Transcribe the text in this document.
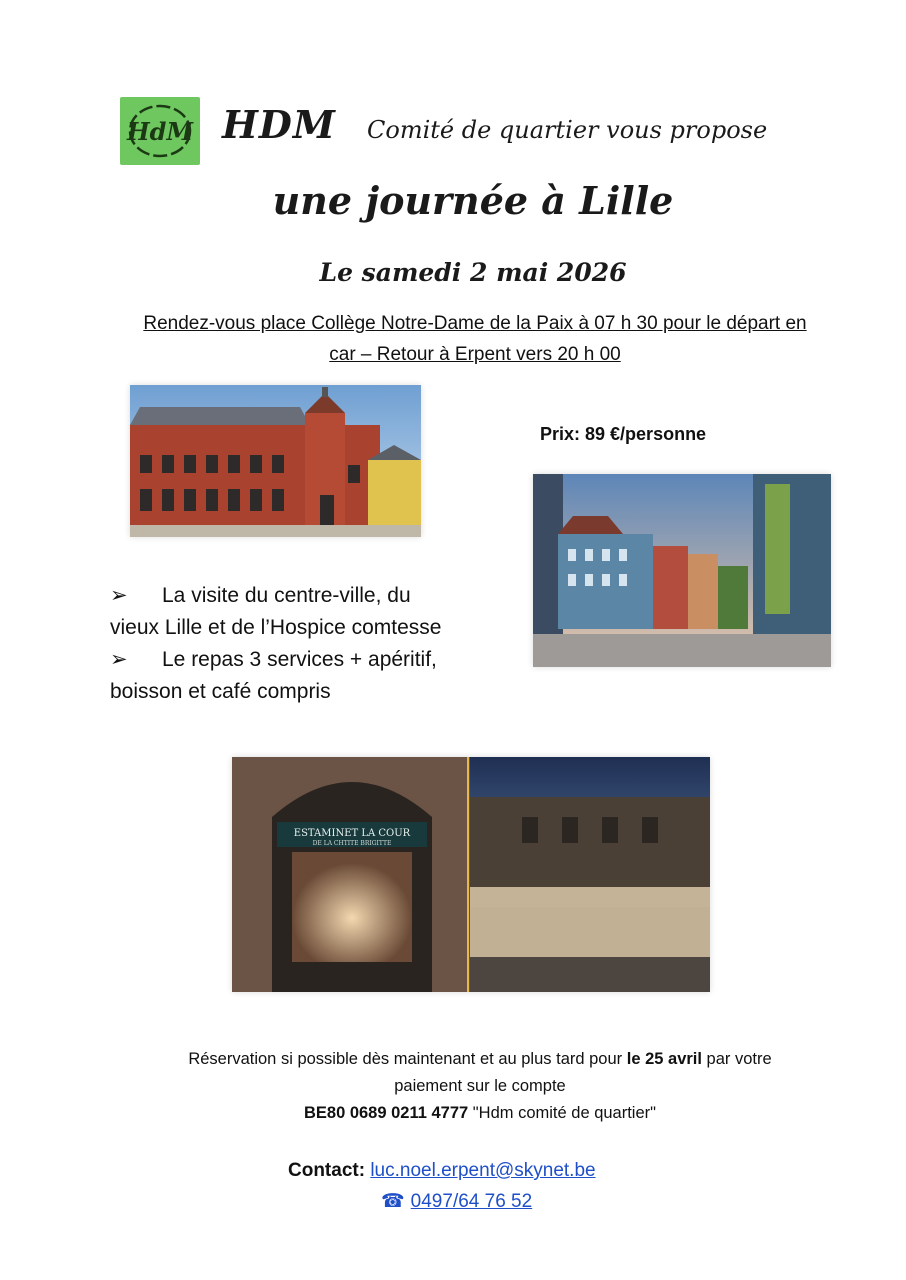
HdM HDM Comité de quartier vous propose
une journée à Lille
Le samedi 2 mai 2026
Rendez-vous place Collège Notre-Dame de la Paix à 07 h 30 pour le départ en
car – Retour à Erpent vers 20 h 00
Prix: 89 €/personne
➢ La visite du centre-ville, du
vieux Lille et de l’Hospice comtesse
➢ Le repas 3 services + apéritif,
boisson et café compris
ESTAMINET LA COUR
DE LA CHTITE BRIGITTE
Réservation si possible dès maintenant et au plus tard pour le 25 avril par votre
paiement sur le compte
BE80 0689 0211 4777 "Hdm comité de quartier"
Contact: luc.noel.erpent@skynet.be
☎ 0497/64 76 52
